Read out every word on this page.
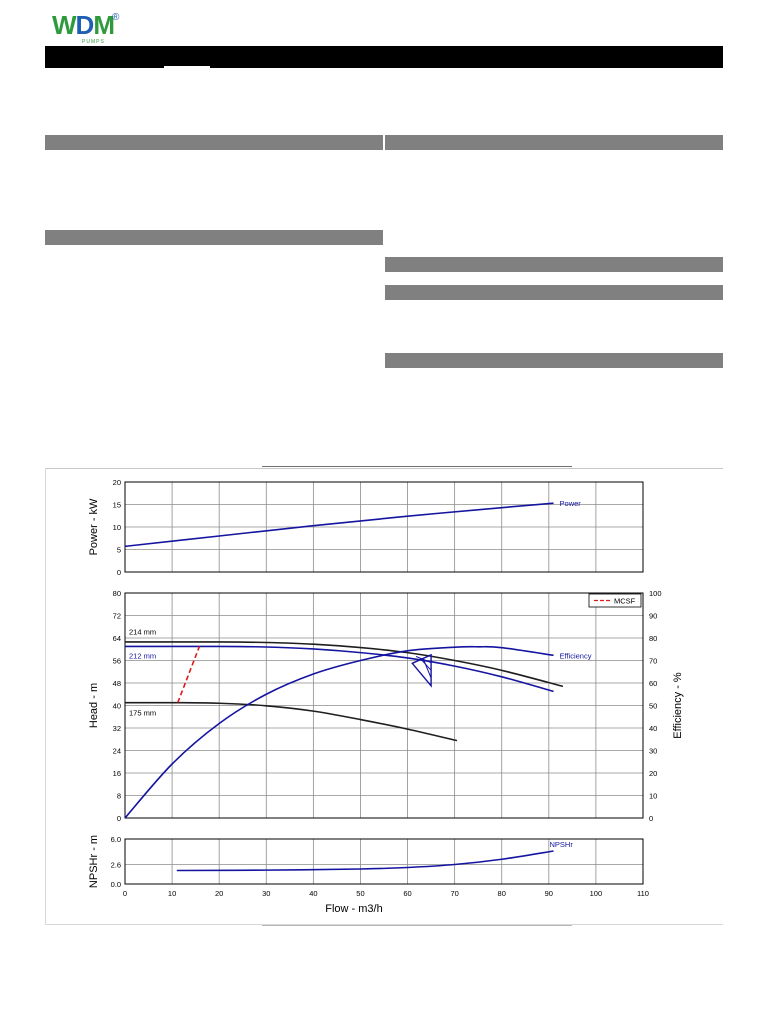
WDM
®
PUMPS
0
5
10
15
20
Power - kW	Power
0
8
16
24
32
40
48
56
64
72
80
0
10
20
30
40
50
60
70
80
90
100
Efficiency - %
Head - m
214 mm
212 mm
175 mm
Efficiency
MCSF
0.0
2.6
6.0
NPSHr - m	NPSHr
0	10	20	30	40	50	60	70	80	90	100	110
Flow - m3/h
